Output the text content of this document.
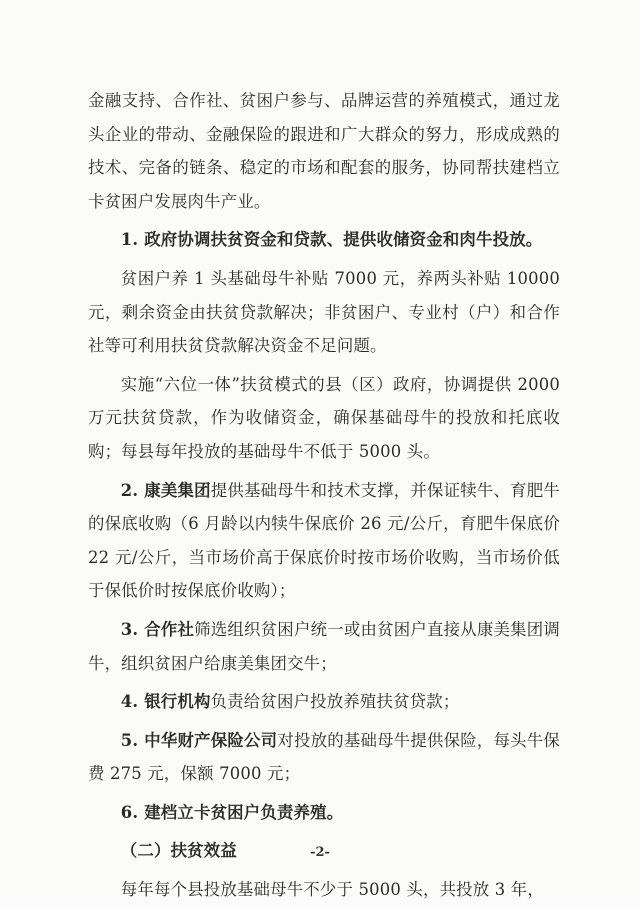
金融支持、合作社、贫困户参与、品牌运营的养殖模式，通过龙头企业的带动、金融保险的跟进和广大群众的努力，形成成熟的技术、完备的链条、稳定的市场和配套的服务，协同帮扶建档立卡贫困户发展肉牛产业。

1. 政府协调扶贫资金和贷款、提供收储资金和肉牛投放。

贫困户养 1 头基础母牛补贴 7000 元，养两头补贴 10000 元，剩余资金由扶贫贷款解决；非贫困户、专业村（户）和合作社等可利用扶贫贷款解决资金不足问题。

实施“六位一体”扶贫模式的县（区）政府，协调提供 2000 万元扶贫贷款，作为收储资金，确保基础母牛的投放和托底收购；每县每年投放的基础母牛不低于 5000 头。

2. 康美集团提供基础母牛和技术支撑，并保证犊牛、育肥牛的保底收购（6 月龄以内犊牛保底价 26 元/公斤，育肥牛保底价 22 元/公斤，当市场价高于保底价时按市场价收购，当市场价低于保低价时按保底价收购）；

3. 合作社筛选组织贫困户统一或由贫困户直接从康美集团调牛，组织贫困户给康美集团交牛；

4. 银行机构负责给贫困户投放养殖扶贫贷款；

5. 中华财产保险公司对投放的基础母牛提供保险，每头牛保费 275 元，保额 7000 元；

6. 建档立卡贫困户负责养殖。

（二）扶贫效益

每年每个县投放基础母牛不少于 5000 头，共投放 3 年，

-2-
